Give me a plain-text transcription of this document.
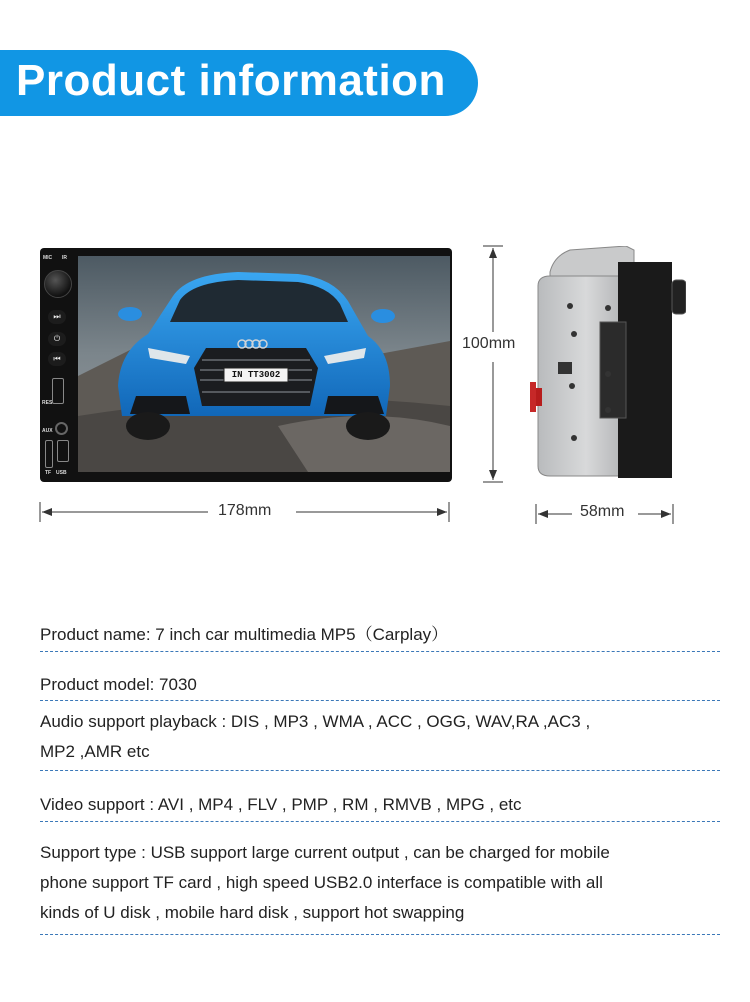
Product information
MIC IR
⏭
⏻
⏮
RES
AUX
TF USB
IN TT3002
100mm
178mm	58mm
Product name: 7 inch car multimedia MP5（Carplay）
Product model: 7030
Audio support playback : DIS , MP3 , WMA , ACC , OGG, WAV,RA ,AC3 ,
MP2 ,AMR etc
Video support : AVI , MP4 , FLV , PMP , RM , RMVB , MPG , etc
Support type : USB support large current output , can be charged for mobile
phone support TF card , high speed USB2.0 interface is compatible with all
kinds of U disk , mobile hard disk , support hot swapping
